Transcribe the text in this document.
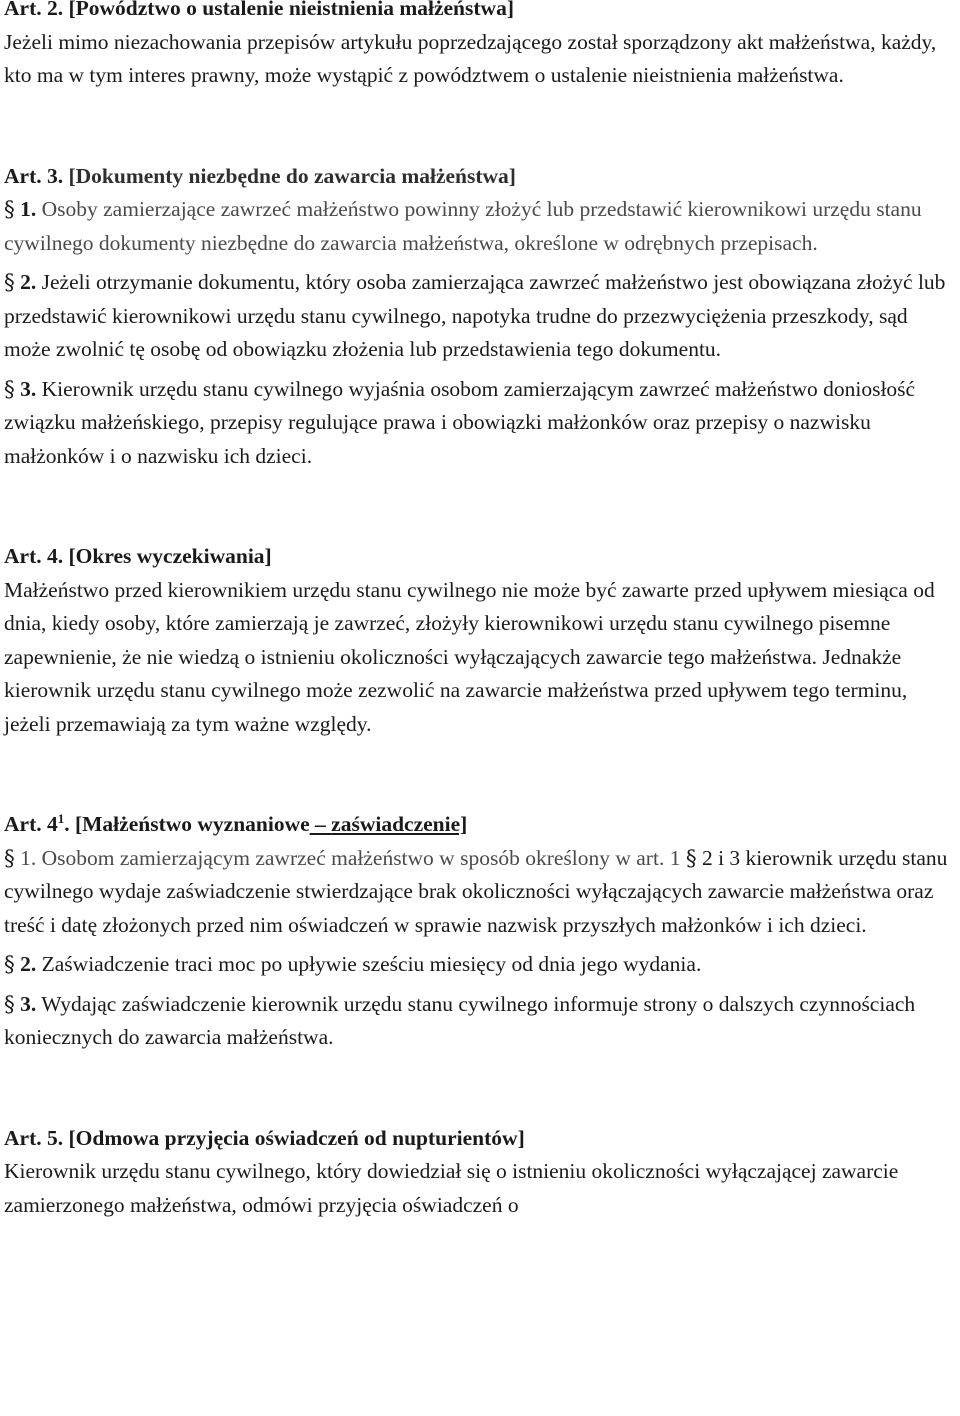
Art. 2. [Powództwo o ustalenie nieistnienia małżeństwa]

Jeżeli mimo niezachowania przepisów artykułu poprzedzającego został sporządzony akt małżeństwa, każdy, kto ma w tym interes prawny, może wystąpić z powództwem o ustalenie nieistnienia małżeństwa.

Art. 3. [Dokumenty niezbędne do zawarcia małżeństwa]

§ 1. Osoby zamierzające zawrzeć małżeństwo powinny złożyć lub przedstawić kierownikowi urzędu stanu cywilnego dokumenty niezbędne do zawarcia małżeństwa, określone w odrębnych przepisach.

§ 2. Jeżeli otrzymanie dokumentu, który osoba zamierzająca zawrzeć małżeństwo jest obowiązana złożyć lub przedstawić kierownikowi urzędu stanu cywilnego, napotyka trudne do przezwyciężenia przeszkody, sąd może zwolnić tę osobę od obowiązku złożenia lub przedstawienia tego dokumentu.

§ 3. Kierownik urzędu stanu cywilnego wyjaśnia osobom zamierzającym zawrzeć małżeństwo doniosłość związku małżeńskiego, przepisy regulujące prawa i obowiązki małżonków oraz przepisy o nazwisku małżonków i o nazwisku ich dzieci.

Art. 4. [Okres wyczekiwania]

Małżeństwo przed kierownikiem urzędu stanu cywilnego nie może być zawarte przed upływem miesiąca od dnia, kiedy osoby, które zamierzają je zawrzeć, złożyły kierownikowi urzędu stanu cywilnego pisemne zapewnienie, że nie wiedzą o istnieniu okoliczności wyłączających zawarcie tego małżeństwa. Jednakże kierownik urzędu stanu cywilnego może zezwolić na zawarcie małżeństwa przed upływem tego terminu, jeżeli przemawiają za tym ważne względy.

Art. $4^1$. [Małżeństwo wyznaniowe – zaświadczenie]

§ 1. Osobom zamierzającym zawrzeć małżeństwo w sposób określony w art. 1 § 2 i 3 kierownik urzędu stanu cywilnego wydaje zaświadczenie stwierdzające brak okoliczności wyłączających zawarcie małżeństwa oraz treść i datę złożonych przed nim oświadczeń w sprawie nazwisk przyszłych małżonków i ich dzieci.

§ 2. Zaświadczenie traci moc po upływie sześciu miesięcy od dnia jego wydania.

§ 3. Wydając zaświadczenie kierownik urzędu stanu cywilnego informuje strony o dalszych czynnościach koniecznych do zawarcia małżeństwa.

Art. 5. [Odmowa przyjęcia oświadczeń od nupturientów]

Kierownik urzędu stanu cywilnego, który dowiedział się o istnieniu okoliczności wyłączającej zawarcie zamierzonego małżeństwa, odmówi przyjęcia oświadczeń o
